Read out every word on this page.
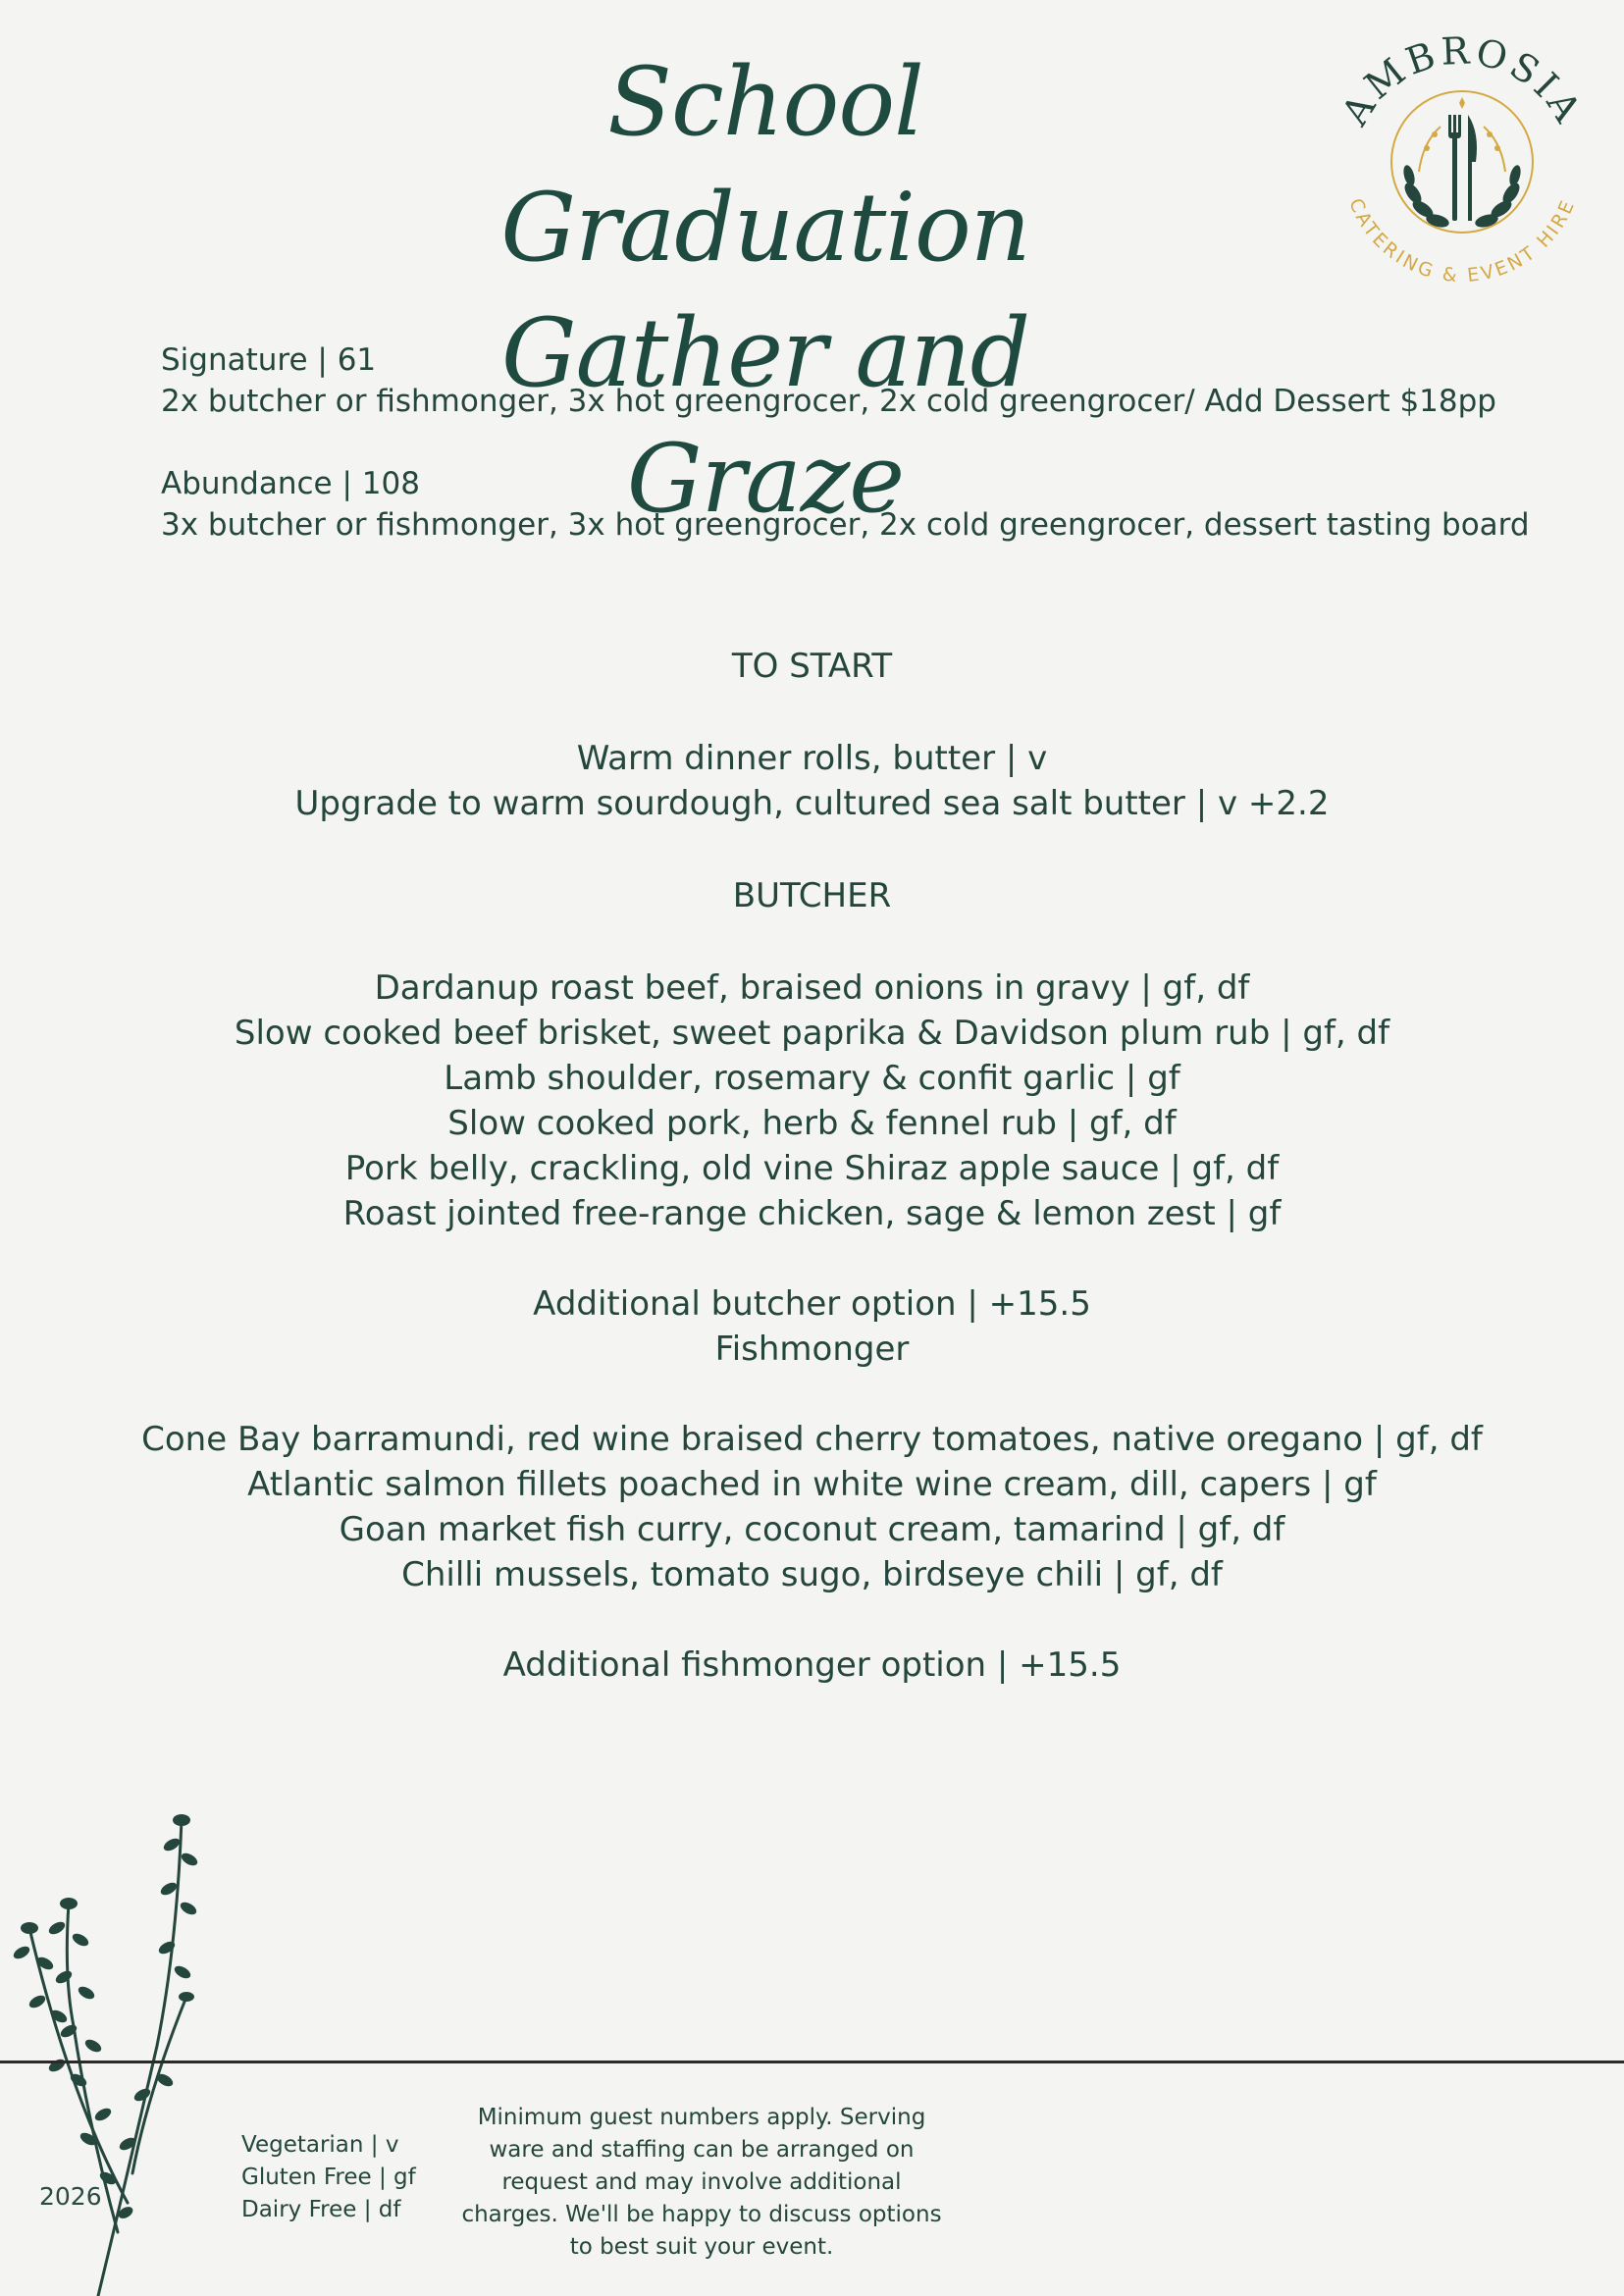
School Graduation
Gather and Graze
AMBROSIA
CATERING & EVENT HIRE
Signature | 61
2x butcher or fishmonger, 3x hot greengrocer, 2x cold greengrocer/ Add Dessert $18pp
Abundance | 108
3x butcher or fishmonger, 3x hot greengrocer, 2x cold greengrocer, dessert tasting board
TO START
Warm dinner rolls, butter | v
Upgrade to warm sourdough, cultured sea salt butter | v +2.2
BUTCHER
Dardanup roast beef, braised onions in gravy | gf, df
Slow cooked beef brisket, sweet paprika & Davidson plum rub | gf, df
Lamb shoulder, rosemary & confit garlic | gf
Slow cooked pork, herb & fennel rub | gf, df
Pork belly, crackling, old vine Shiraz apple sauce | gf, df
Roast jointed free-range chicken, sage & lemon zest | gf
Additional butcher option | +15.5
Fishmonger
Cone Bay barramundi, red wine braised cherry tomatoes, native oregano | gf, df
Atlantic salmon fillets poached in white wine cream, dill, capers | gf
Goan market fish curry, coconut cream, tamarind | gf, df
Chilli mussels, tomato sugo, birdseye chili | gf, df
Additional fishmonger option | +15.5
2026
Vegetarian | v
Gluten Free | gf
Dairy Free | df
Minimum guest numbers apply. Serving ware and staffing can be arranged on request and may involve additional charges. We'll be happy to discuss options to best suit your event.
